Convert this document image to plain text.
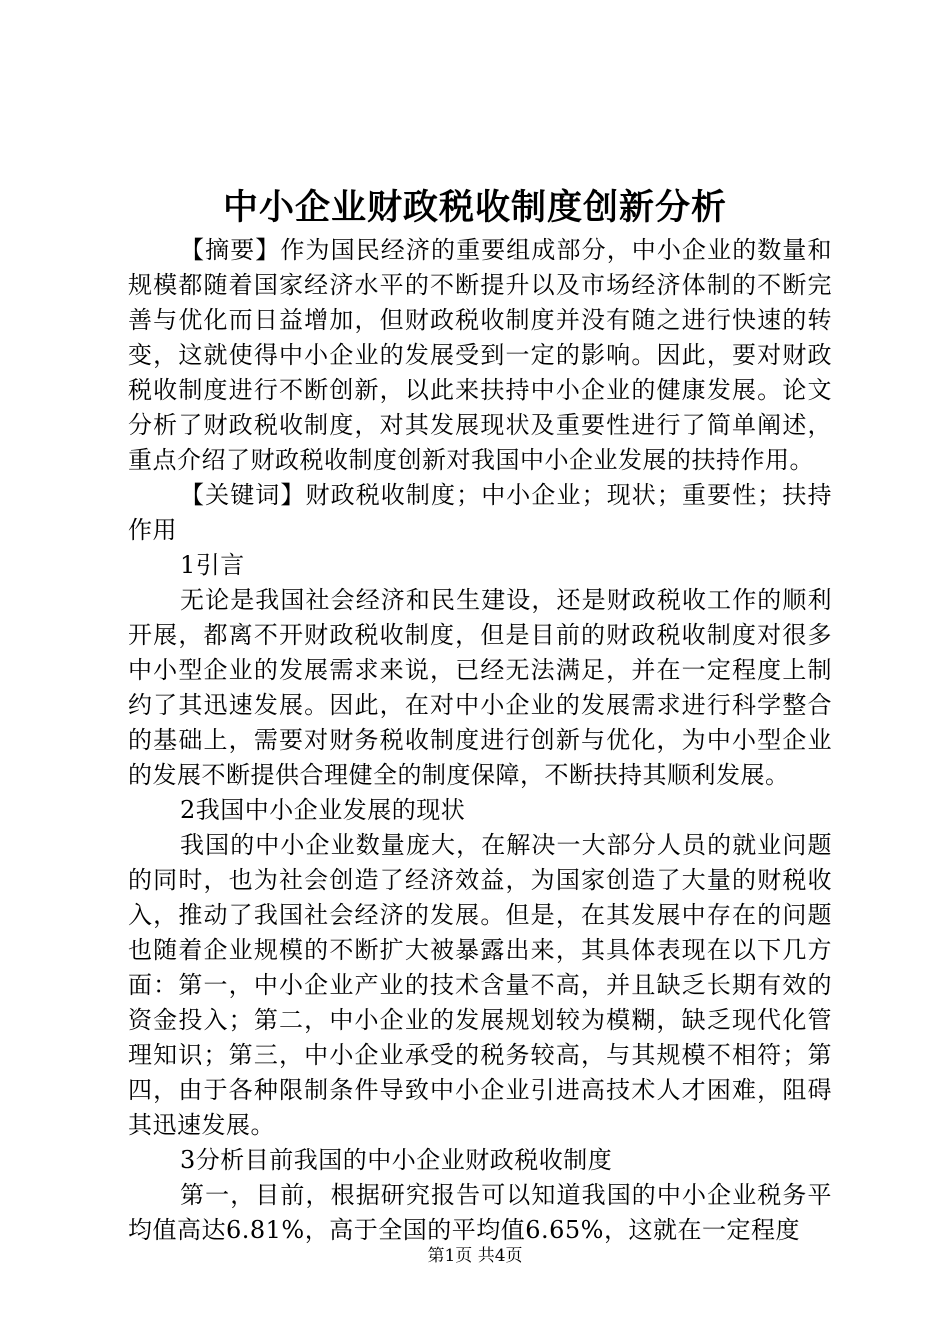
中小企业财政税收制度创新分析

【摘要】作为国民经济的重要组成部分，中小企业的数量和规模都随着国家经济水平的不断提升以及市场经济体制的不断完善与优化而日益增加，但财政税收制度并没有随之进行快速的转变，这就使得中小企业的发展受到一定的影响。因此，要对财政税收制度进行不断创新，以此来扶持中小企业的健康发展。论文分析了财政税收制度，对其发展现状及重要性进行了简单阐述，重点介绍了财政税收制度创新对我国中小企业发展的扶持作用。

【关键词】财政税收制度；中小企业；现状；重要性；扶持作用

1引言

无论是我国社会经济和民生建设，还是财政税收工作的顺利开展，都离不开财政税收制度，但是目前的财政税收制度对很多中小型企业的发展需求来说，已经无法满足，并在一定程度上制约了其迅速发展。因此，在对中小企业的发展需求进行科学整合的基础上，需要对财务税收制度进行创新与优化，为中小型企业的发展不断提供合理健全的制度保障，不断扶持其顺利发展。

2我国中小企业发展的现状

我国的中小企业数量庞大，在解决一大部分人员的就业问题的同时，也为社会创造了经济效益，为国家创造了大量的财税收入，推动了我国社会经济的发展。但是，在其发展中存在的问题也随着企业规模的不断扩大被暴露出来，其具体表现在以下几方面：第一，中小企业产业的技术含量不高，并且缺乏长期有效的资金投入；第二，中小企业的发展规划较为模糊，缺乏现代化管理知识；第三，中小企业承受的税务较高，与其规模不相符；第四，由于各种限制条件导致中小企业引进高技术人才困难，阻碍其迅速发展。

3分析目前我国的中小企业财政税收制度

第一，目前，根据研究报告可以知道我国的中小企业税务平均值高达6.81%，高于全国的平均值6.65%，这就在一定程度

第1页 共4页
